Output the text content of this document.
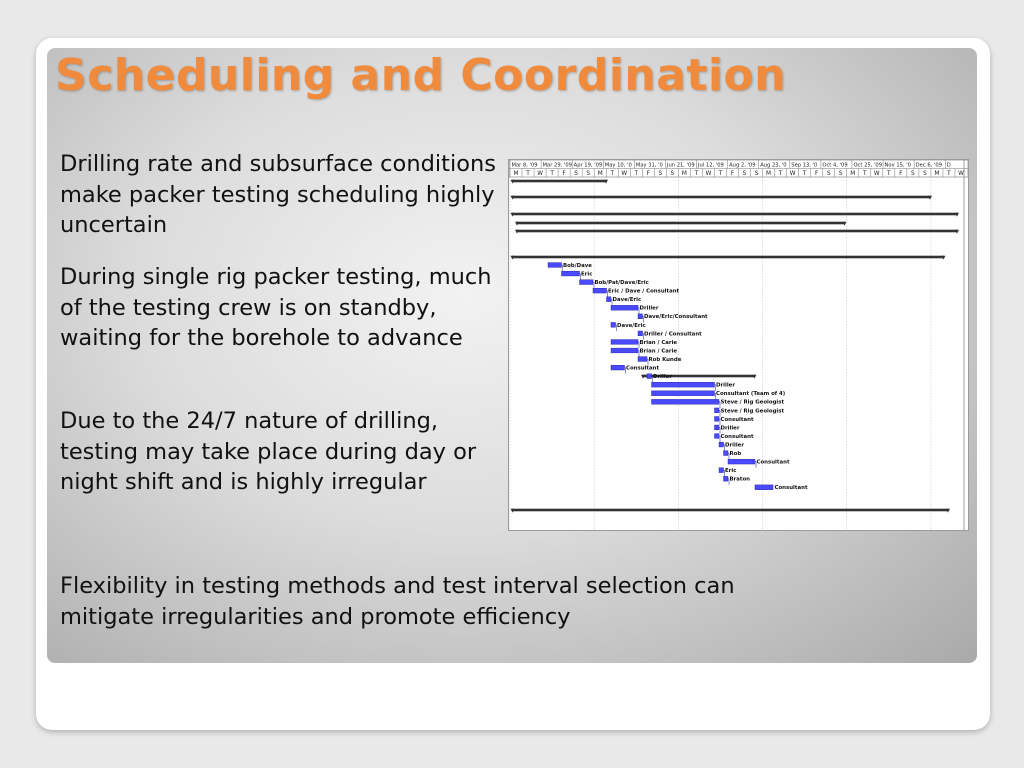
Scheduling and Coordination

Drilling rate and subsurface conditions make packer testing scheduling highly uncertain

During single rig packer testing, much of the testing crew is on standby, waiting for the borehole to advance

Due to the 24/7 nature of drilling, testing may take place during day or night shift and is highly irregular

Flexibility in testing methods and test interval selection can mitigate irregularities and promote efficiency

Mar 8, '09 Mar 29, '09 Apr 19, '09 May 10, '0 May 31, '0 Jun 21, '09 Jul 12, '09 Aug 2, '09 Aug 23, '0 Sep 13, '0 Oct 4, '09 Oct 25, '09 Nov 15, '0 Dec 6, '09 D
M T W T F S S M T W T F S S M T W T F S S M T W T F S S M T W T F S S M T W
Bob/Dave
Eric
Bob/Pat/Dave/Eric
Eric / Dave / Consultant
Dave/Eric
Driller
Dave/Eric/Consultant
Dave/Eric
Driller / Consultant
Brian / Carie
Brian / Carie
Rob Kunde
Consultant
Driller
Driller
Consultant (Team of 4)
Steve / Rig Geologist
Steve / Rig Geologist
Consultant
Driller
Consultant
Driller
Rob
Consultant
Eric
Braton
Consultant
